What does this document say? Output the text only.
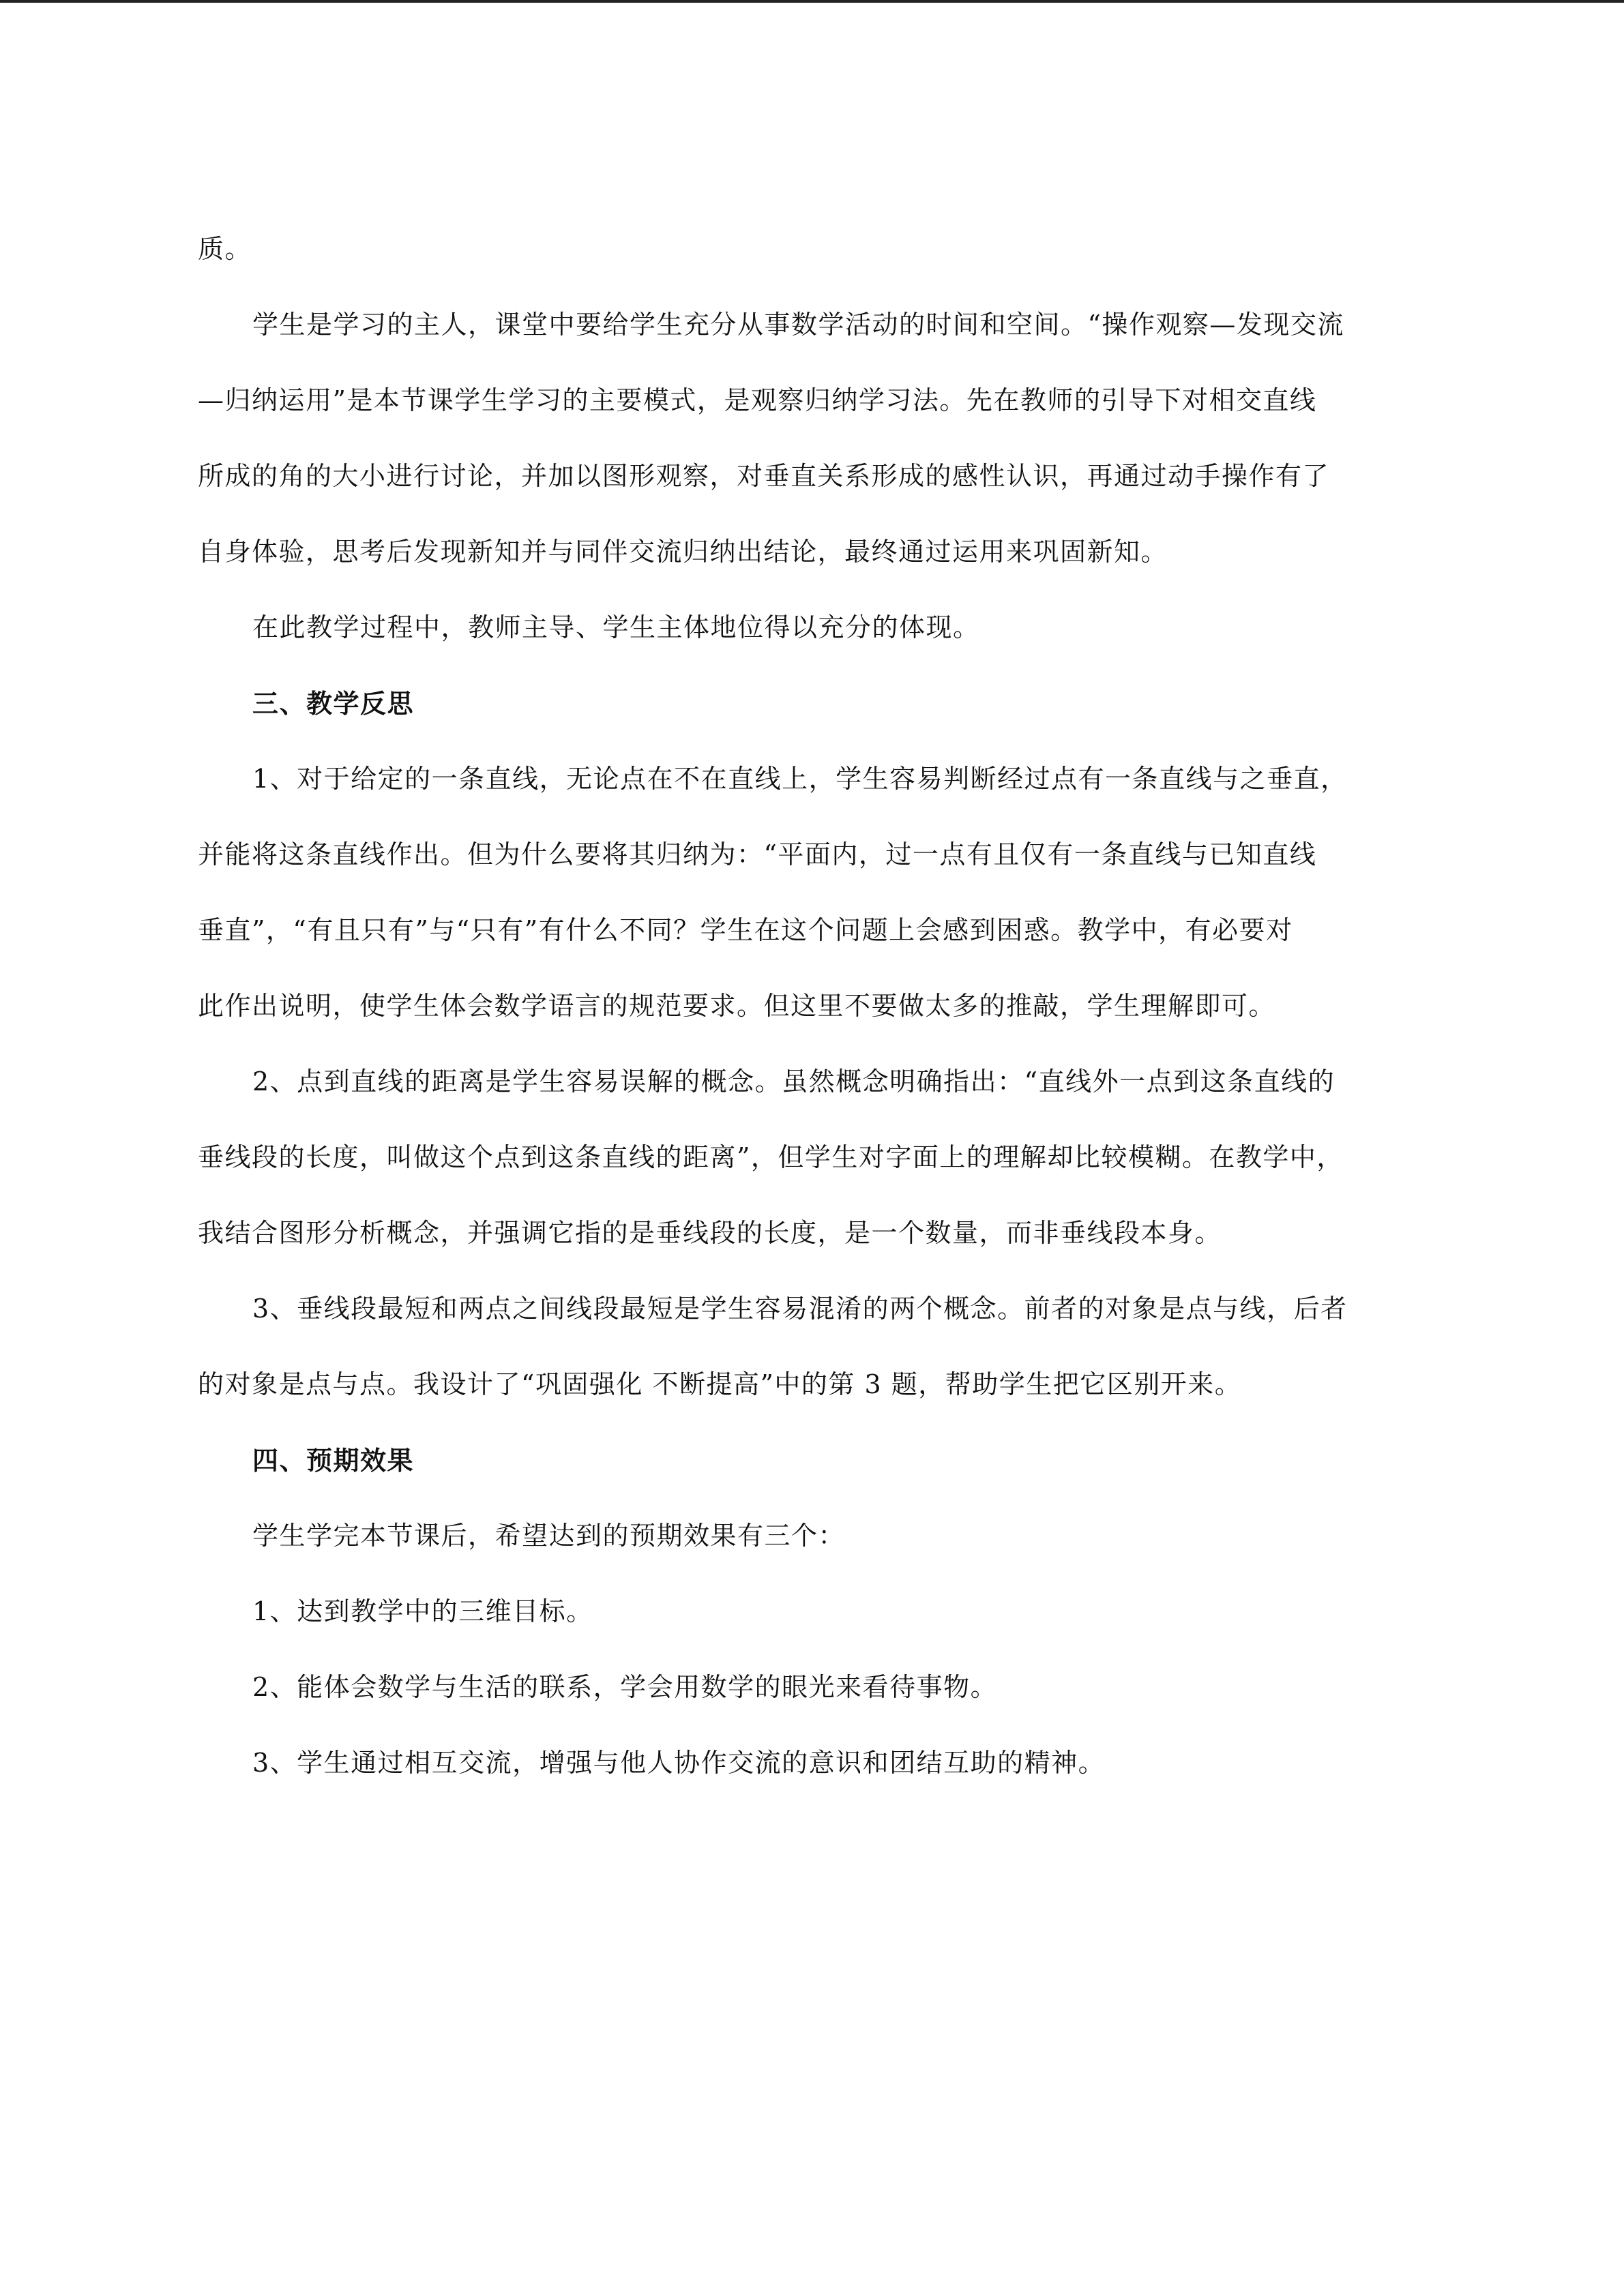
质。

学生是学习的主人，课堂中要给学生充分从事数学活动的时间和空间。“操作观察—发现交流
—归纳运用”是本节课学生学习的主要模式，是观察归纳学习法。先在教师的引导下对相交直线
所成的角的大小进行讨论，并加以图形观察，对垂直关系形成的感性认识，再通过动手操作有了
自身体验，思考后发现新知并与同伴交流归纳出结论，最终通过运用来巩固新知。

在此教学过程中，教师主导、学生主体地位得以充分的体现。

三、教学反思

1、对于给定的一条直线，无论点在不在直线上，学生容易判断经过点有一条直线与之垂直，
并能将这条直线作出。但为什么要将其归纳为：“平面内，过一点有且仅有一条直线与已知直线
垂直”，“有且只有”与“只有”有什么不同？学生在这个问题上会感到困惑。教学中，有必要对
此作出说明，使学生体会数学语言的规范要求。但这里不要做太多的推敲，学生理解即可。

2、点到直线的距离是学生容易误解的概念。虽然概念明确指出：“直线外一点到这条直线的
垂线段的长度，叫做这个点到这条直线的距离”，但学生对字面上的理解却比较模糊。在教学中，
我结合图形分析概念，并强调它指的是垂线段的长度，是一个数量，而非垂线段本身。

3、垂线段最短和两点之间线段最短是学生容易混淆的两个概念。前者的对象是点与线，后者
的对象是点与点。我设计了“巩固强化 不断提高”中的第 3 题，帮助学生把它区别开来。

四、预期效果

学生学完本节课后，希望达到的预期效果有三个：

1、达到教学中的三维目标。

2、能体会数学与生活的联系，学会用数学的眼光来看待事物。

3、学生通过相互交流，增强与他人协作交流的意识和团结互助的精神。
